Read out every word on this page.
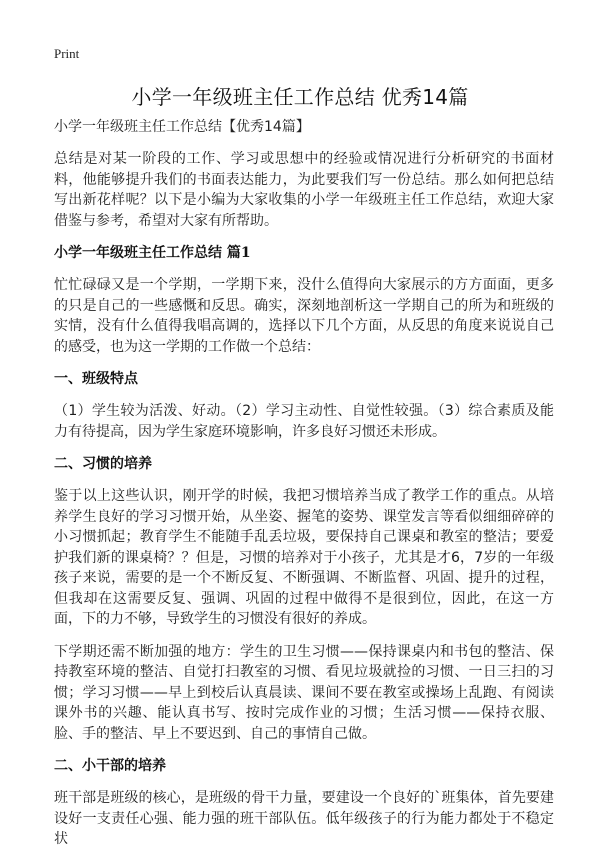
Print
小学一年级班主任工作总结 优秀14篇

小学一年级班主任工作总结【优秀14篇】

总结是对某一阶段的工作、学习或思想中的经验或情况进行分析研究的书面材料，他能够提升我们的书面表达能力，为此要我们写一份总结。那么如何把总结写出新花样呢？以下是小编为大家收集的小学一年级班主任工作总结，欢迎大家借鉴与参考，希望对大家有所帮助。

小学一年级班主任工作总结 篇1

忙忙碌碌又是一个学期，一学期下来，没什么值得向大家展示的方方面面，更多的只是自己的一些感慨和反思。确实，深刻地剖析这一学期自己的所为和班级的实情，没有什么值得我唱高调的，选择以下几个方面，从反思的角度来说说自己的感受，也为这一学期的工作做一个总结：

一、班级特点

（1）学生较为活泼、好动。（2）学习主动性、自觉性较强。（3）综合素质及能力有待提高，因为学生家庭环境影响，许多良好习惯还未形成。

二、习惯的培养

鉴于以上这些认识，刚开学的时候，我把习惯培养当成了教学工作的重点。从培养学生良好的学习习惯开始，从坐姿、握笔的姿势、课堂发言等看似细细碎碎的小习惯抓起；教育学生不能随手乱丢垃圾，要保持自己课桌和教室的整洁；要爱护我们新的课桌椅？？但是，习惯的培养对于小孩子，尤其是才6，7岁的一年级孩子来说，需要的是一个不断反复、不断强调、不断监督、巩固、提升的过程，但我却在这需要反复、强调、巩固的过程中做得不是很到位，因此，在这一方面，下的力不够，导致学生的习惯没有很好的养成。

下学期还需不断加强的地方：学生的卫生习惯——保持课桌内和书包的整洁、保持教室环境的整洁、自觉打扫教室的习惯、看见垃圾就捡的习惯、一日三扫的习惯；学习习惯——早上到校后认真晨读、课间不要在教室或操场上乱跑、有阅读课外书的兴趣、能认真书写、按时完成作业的习惯；生活习惯——保持衣服、脸、手的整洁、早上不要迟到、自己的事情自己做。

二、小干部的培养

班干部是班级的核心，是班级的骨干力量，要建设一个良好的`班集体，首先要建设好一支责任心强、能力强的班干部队伍。低年级孩子的行为能力都处于不稳定状
